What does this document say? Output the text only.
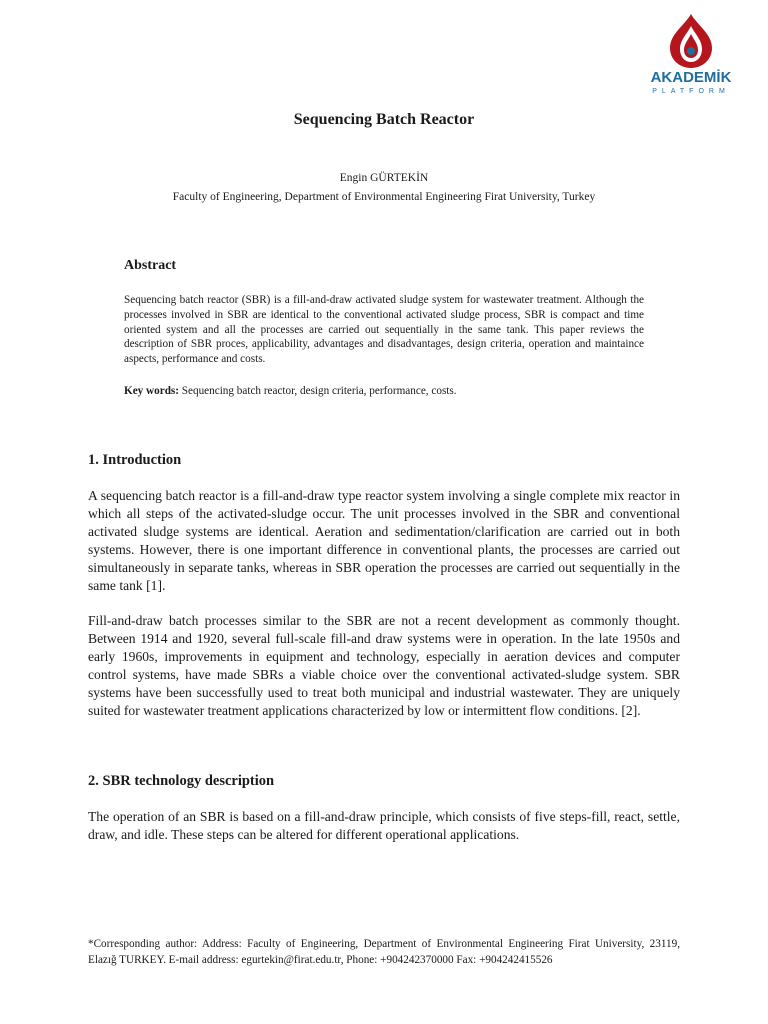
AKADEMİK
PLATFORM
Sequencing Batch Reactor
Engin GÜRTEKİN
Faculty of Engineering, Department of Environmental Engineering Firat University, Turkey
Abstract
Sequencing batch reactor (SBR) is a fill-and-draw activated sludge system for wastewater treatment. Although the processes involved in SBR are identical to the conventional activated sludge process, SBR is compact and time oriented system and all the processes are carried out sequentially in the same tank. This paper reviews the description of SBR proces, applicability, advantages and disadvantages, design criteria, operation and maintaince aspects, performance and costs.
Key words: Sequencing batch reactor, design criteria, performance, costs.
1. Introduction
A sequencing batch reactor is a fill-and-draw type reactor system involving a single complete mix reactor in which all steps of the activated-sludge occur. The unit processes involved in the SBR and conventional activated sludge systems are identical. Aeration and sedimentation/clarification are carried out in both systems. However, there is one important difference in conventional plants, the processes are carried out simultaneously in separate tanks, whereas in SBR operation the processes are carried out sequentially in the same tank [1].
Fill-and-draw batch processes similar to the SBR are not a recent development as commonly thought. Between 1914 and 1920, several full-scale fill-and draw systems were in operation. In the late 1950s and early 1960s, improvements in equipment and technology, especially in aeration devices and computer control systems, have made SBRs a viable choice over the conventional activated-sludge system. SBR systems have been successfully used to treat both municipal and industrial wastewater. They are uniquely suited for wastewater treatment applications characterized by low or intermittent flow conditions. [2].
2. SBR technology description
The operation of an SBR is based on a fill-and-draw principle, which consists of five steps-fill, react, settle, draw, and idle. These steps can be altered for different operational applications.
*Corresponding author: Address: Faculty of Engineering, Department of Environmental Engineering Firat University, 23119, Elazığ TURKEY. E-mail address: egurtekin@firat.edu.tr, Phone: +904242370000 Fax: +904242415526
